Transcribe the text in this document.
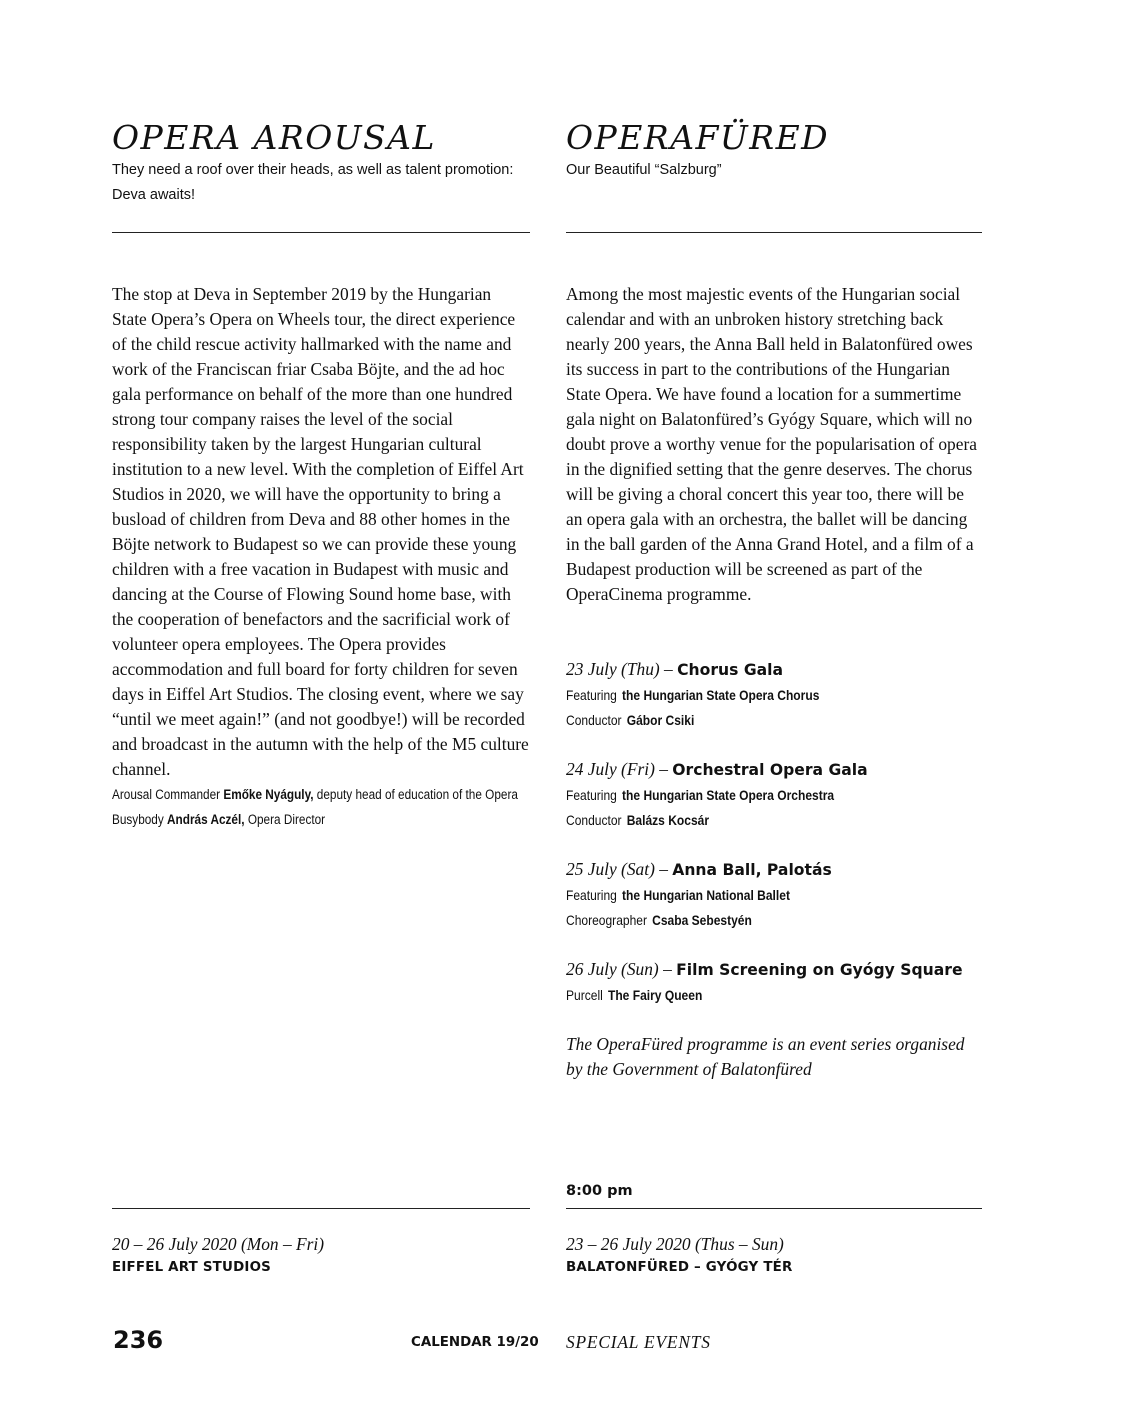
OPERA AROUSAL

They need a roof over their heads, as well as talent promotion: Deva awaits!

The stop at Deva in September 2019 by the Hungarian State Opera’s Opera on Wheels tour, the direct experience of the child rescue activity hallmarked with the name and work of the Franciscan friar Csaba Böjte, and the ad hoc gala performance on behalf of the more than one hundred strong tour company raises the level of the social responsibility taken by the largest Hungarian cultural institution to a new level. With the completion of Eiffel Art Studios in 2020, we will have the opportunity to bring a busload of children from Deva and 88 other homes in the Böjte network to Budapest so we can provide these young children with a free vacation in Budapest with music and dancing at the Course of Flowing Sound home base, with the cooperation of benefactors and the sacrificial work of volunteer opera employees. The Opera provides accommodation and full board for forty children for seven days in Eiffel Art Studios. The closing event, where we say “until we meet again!” (and not goodbye!) will be recorded and broadcast in the autumn with the help of the M5 culture channel.

Arousal Commander Emőke Nyáguly, deputy head of education of the Opera
Busybody András Aczél, Opera Director
20 – 26 July 2020 (Mon – Fri)
EIFFEL ART STUDIOS
OPERAFÜRED

Our Beautiful “Salzburg”

Among the most majestic events of the Hungarian social calendar and with an unbroken history stretching back nearly 200 years, the Anna Ball held in Balatonfüred owes its success in part to the contributions of the Hungarian State Opera. We have found a location for a summertime gala night on Balatonfüred’s Gyógy Square, which will no doubt prove a worthy venue for the popularisation of opera in the dignified setting that the genre deserves. The chorus will be giving a choral concert this year too, there will be an opera gala with an orchestra, the ballet will be dancing in the ball garden of the Anna Grand Hotel, and a film of a Budapest production will be screened as part of the OperaCinema programme.

23 July (Thu) – Chorus Gala
Featuring the Hungarian State Opera Chorus
Conductor Gábor Csiki
24 July (Fri) – Orchestral Opera Gala
Featuring the Hungarian State Opera Orchestra
Conductor Balázs Kocsár
25 July (Sat) – Anna Ball, Palotás
Featuring the Hungarian National Ballet
Choreographer Csaba Sebestyén
26 July (Sun) – Film Screening on Gyógy Square
Purcell The Fairy Queen

The OperaFüred programme is an event series organised by the Government of Balatonfüred

8:00 pm
23 – 26 July 2020 (Thus – Sun)
BALATONFÜRED – GYÓGY TÉR
236	CALENDAR 19/20 SPECIAL EVENTS
